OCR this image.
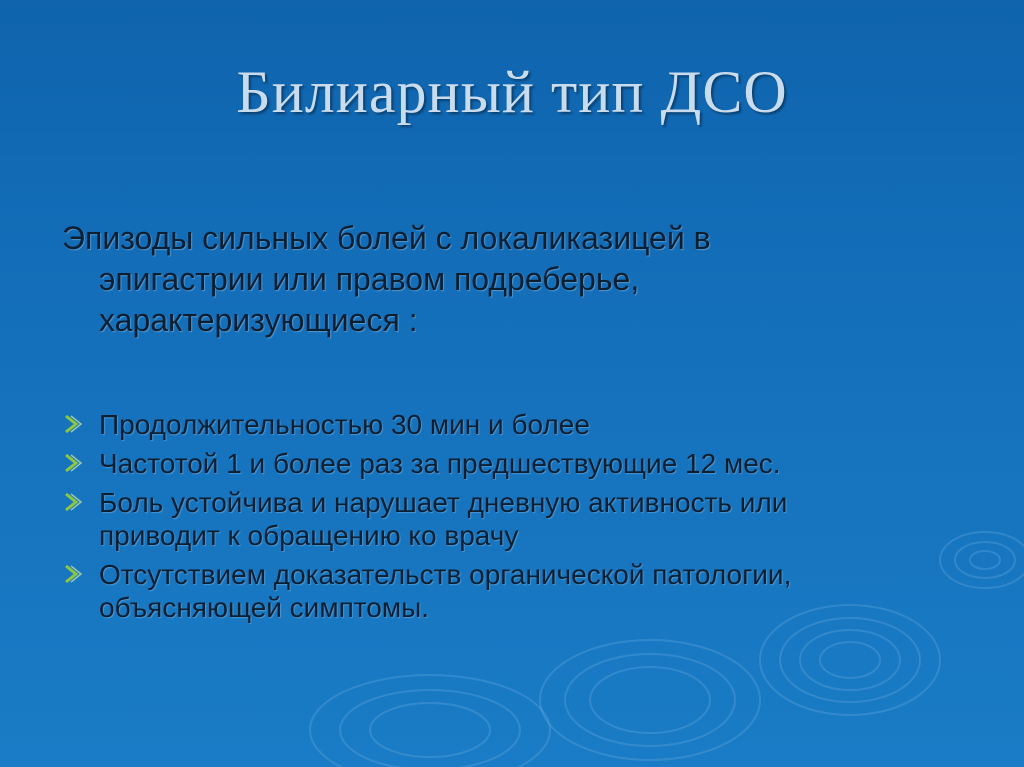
Билиарный тип ДСО
Эпизоды сильных болей с локаликазицей в
эпигастрии или правом подреберье,
характеризующиеся :
Продолжительностью 30 мин и более
Частотой 1 и более раз за предшествующие 12 мес.
Боль устойчива и нарушает дневную активность или
приводит к обращению ко врачу
Отсутствием доказательств органической патологии,
объясняющей симптомы.
